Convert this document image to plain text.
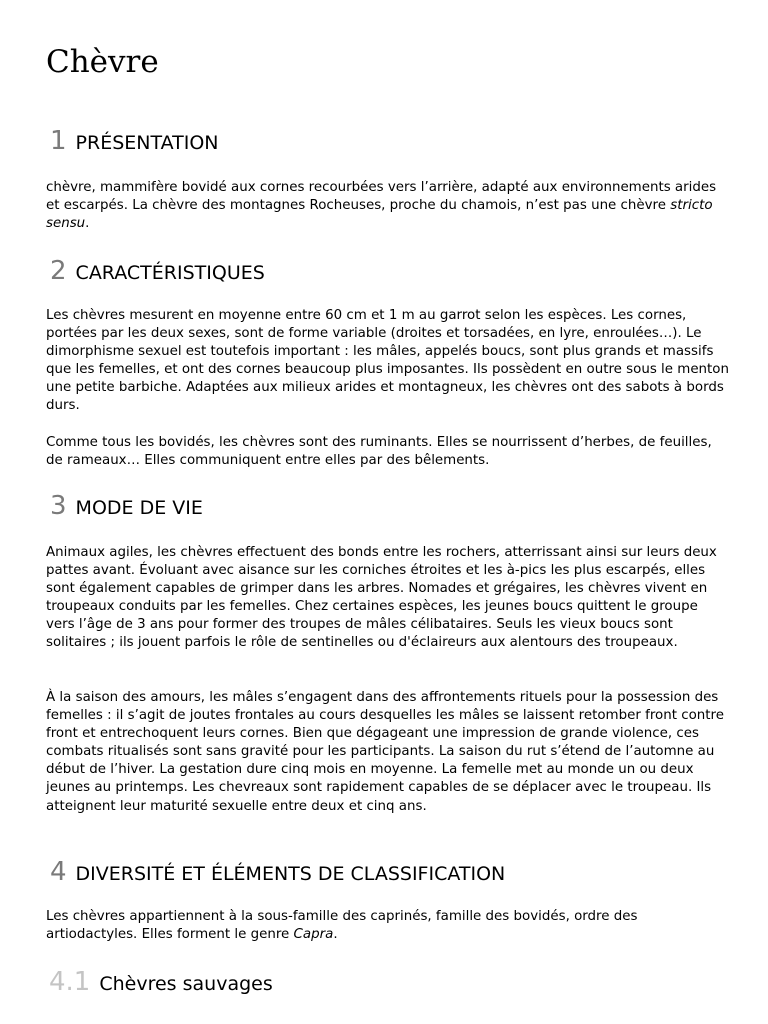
Chèvre
1 PRÉSENTATION

chèvre, mammifère bovidé aux cornes recourbées vers l’arrière, adapté aux environnements arides et escarpés. La chèvre des montagnes Rocheuses, proche du chamois, n’est pas une chèvre stricto sensu.

2 CARACTÉRISTIQUES

Les chèvres mesurent en moyenne entre 60 cm et 1 m au garrot selon les espèces. Les cornes, portées par les deux sexes, sont de forme variable (droites et torsadées, en lyre, enroulées…). Le dimorphisme sexuel est toutefois important : les mâles, appelés boucs, sont plus grands et massifs que les femelles, et ont des cornes beaucoup plus imposantes. Ils possèdent en outre sous le menton une petite barbiche. Adaptées aux milieux arides et montagneux, les chèvres ont des sabots à bords durs.

Comme tous les bovidés, les chèvres sont des ruminants. Elles se nourrissent d’herbes, de feuilles, de rameaux… Elles communiquent entre elles par des bêlements.

3 MODE DE VIE

Animaux agiles, les chèvres effectuent des bonds entre les rochers, atterrissant ainsi sur leurs deux pattes avant. Évoluant avec aisance sur les corniches étroites et les à-pics les plus escarpés, elles sont également capables de grimper dans les arbres. Nomades et grégaires, les chèvres vivent en troupeaux conduits par les femelles. Chez certaines espèces, les jeunes boucs quittent le groupe vers l’âge de 3 ans pour former des troupes de mâles célibataires. Seuls les vieux boucs sont solitaires ; ils jouent parfois le rôle de sentinelles ou d'éclaireurs aux alentours des troupeaux.

À la saison des amours, les mâles s’engagent dans des affrontements rituels pour la possession des femelles : il s’agit de joutes frontales au cours desquelles les mâles se laissent retomber front contre front et entrechoquent leurs cornes. Bien que dégageant une impression de grande violence, ces combats ritualisés sont sans gravité pour les participants. La saison du rut s’étend de l’automne au début de l’hiver. La gestation dure cinq mois en moyenne. La femelle met au monde un ou deux jeunes au printemps. Les chevreaux sont rapidement capables de se déplacer avec le troupeau. Ils atteignent leur maturité sexuelle entre deux et cinq ans.

4 DIVERSITÉ ET ÉLÉMENTS DE CLASSIFICATION

Les chèvres appartiennent à la sous-famille des caprinés, famille des bovidés, ordre des artiodactyles. Elles forment le genre Capra.

4.1 Chèvres sauvages
